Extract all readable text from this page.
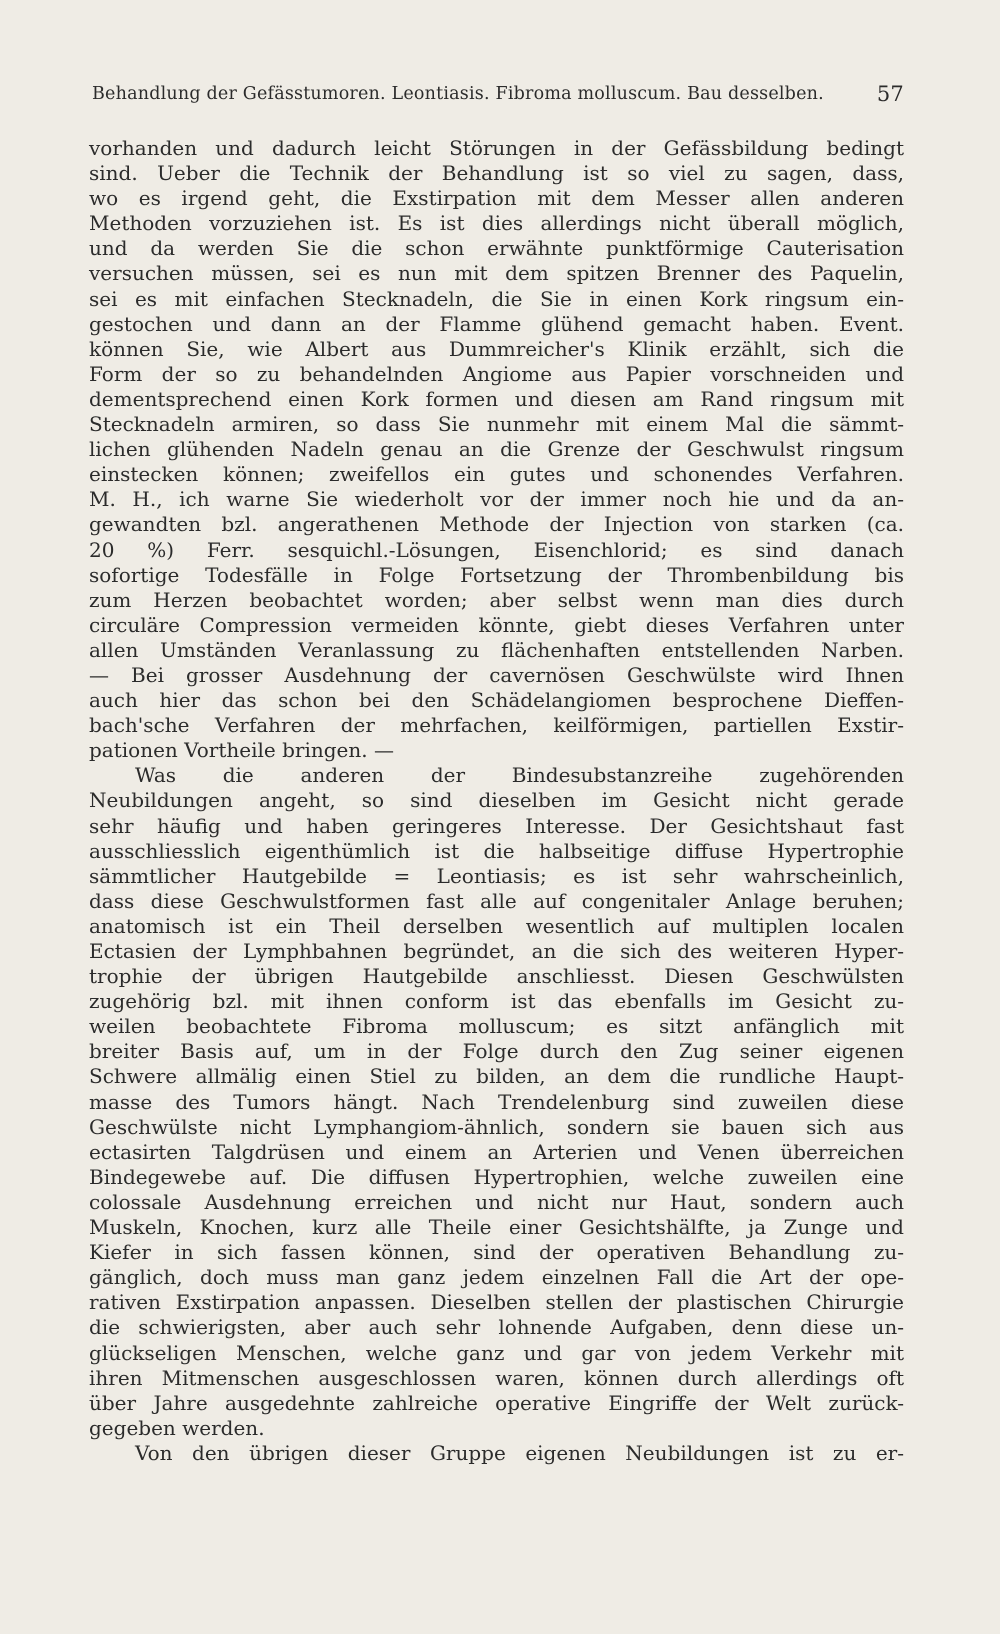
Behandlung der Gefässtumoren. Leontiasis. Fibroma molluscum. Bau desselben.	57
vorhanden und dadurch leicht Störungen in der Gefässbildung bedingt
sind. Ueber die Technik der Behandlung ist so viel zu sagen, dass,
wo es irgend geht, die Exstirpation mit dem Messer allen anderen
Methoden vorzuziehen ist. Es ist dies allerdings nicht überall möglich,
und da werden Sie die schon erwähnte punktförmige Cauterisation
versuchen müssen, sei es nun mit dem spitzen Brenner des Paquelin,
sei es mit einfachen Stecknadeln, die Sie in einen Kork ringsum ein-
gestochen und dann an der Flamme glühend gemacht haben. Event.
können Sie, wie Albert aus Dummreicher's Klinik erzählt, sich die
Form der so zu behandelnden Angiome aus Papier vorschneiden und
dementsprechend einen Kork formen und diesen am Rand ringsum mit
Stecknadeln armiren, so dass Sie nunmehr mit einem Mal die sämmt-
lichen glühenden Nadeln genau an die Grenze der Geschwulst ringsum
einstecken können; zweifellos ein gutes und schonendes Verfahren.
M. H., ich warne Sie wiederholt vor der immer noch hie und da an-
gewandten bzl. angerathenen Methode der Injection von starken (ca.
20 %) Ferr. sesquichl.-Lösungen, Eisenchlorid; es sind danach
sofortige Todesfälle in Folge Fortsetzung der Thrombenbildung bis
zum Herzen beobachtet worden; aber selbst wenn man dies durch
circuläre Compression vermeiden könnte, giebt dieses Verfahren unter
allen Umständen Veranlassung zu flächenhaften entstellenden Narben.
— Bei grosser Ausdehnung der cavernösen Geschwülste wird Ihnen
auch hier das schon bei den Schädelangiomen besprochene Dieffen-
bach'sche Verfahren der mehrfachen, keilförmigen, partiellen Exstir-
pationen Vortheile bringen. —
Was die anderen der Bindesubstanzreihe zugehörenden
Neubildungen angeht, so sind dieselben im Gesicht nicht gerade
sehr häufig und haben geringeres Interesse. Der Gesichtshaut fast
ausschliesslich eigenthümlich ist die halbseitige diffuse Hypertrophie
sämmtlicher Hautgebilde = Leontiasis; es ist sehr wahrscheinlich,
dass diese Geschwulstformen fast alle auf congenitaler Anlage beruhen;
anatomisch ist ein Theil derselben wesentlich auf multiplen localen
Ectasien der Lymphbahnen begründet, an die sich des weiteren Hyper-
trophie der übrigen Hautgebilde anschliesst. Diesen Geschwülsten
zugehörig bzl. mit ihnen conform ist das ebenfalls im Gesicht zu-
weilen beobachtete Fibroma molluscum; es sitzt anfänglich mit
breiter Basis auf, um in der Folge durch den Zug seiner eigenen
Schwere allmälig einen Stiel zu bilden, an dem die rundliche Haupt-
masse des Tumors hängt. Nach Trendelenburg sind zuweilen diese
Geschwülste nicht Lymphangiom-ähnlich, sondern sie bauen sich aus
ectasirten Talgdrüsen und einem an Arterien und Venen überreichen
Bindegewebe auf. Die diffusen Hypertrophien, welche zuweilen eine
colossale Ausdehnung erreichen und nicht nur Haut, sondern auch
Muskeln, Knochen, kurz alle Theile einer Gesichtshälfte, ja Zunge und
Kiefer in sich fassen können, sind der operativen Behandlung zu-
gänglich, doch muss man ganz jedem einzelnen Fall die Art der ope-
rativen Exstirpation anpassen. Dieselben stellen der plastischen Chirurgie
die schwierigsten, aber auch sehr lohnende Aufgaben, denn diese un-
glückseligen Menschen, welche ganz und gar von jedem Verkehr mit
ihren Mitmenschen ausgeschlossen waren, können durch allerdings oft
über Jahre ausgedehnte zahlreiche operative Eingriffe der Welt zurück-
gegeben werden.
Von den übrigen dieser Gruppe eigenen Neubildungen ist zu er-
